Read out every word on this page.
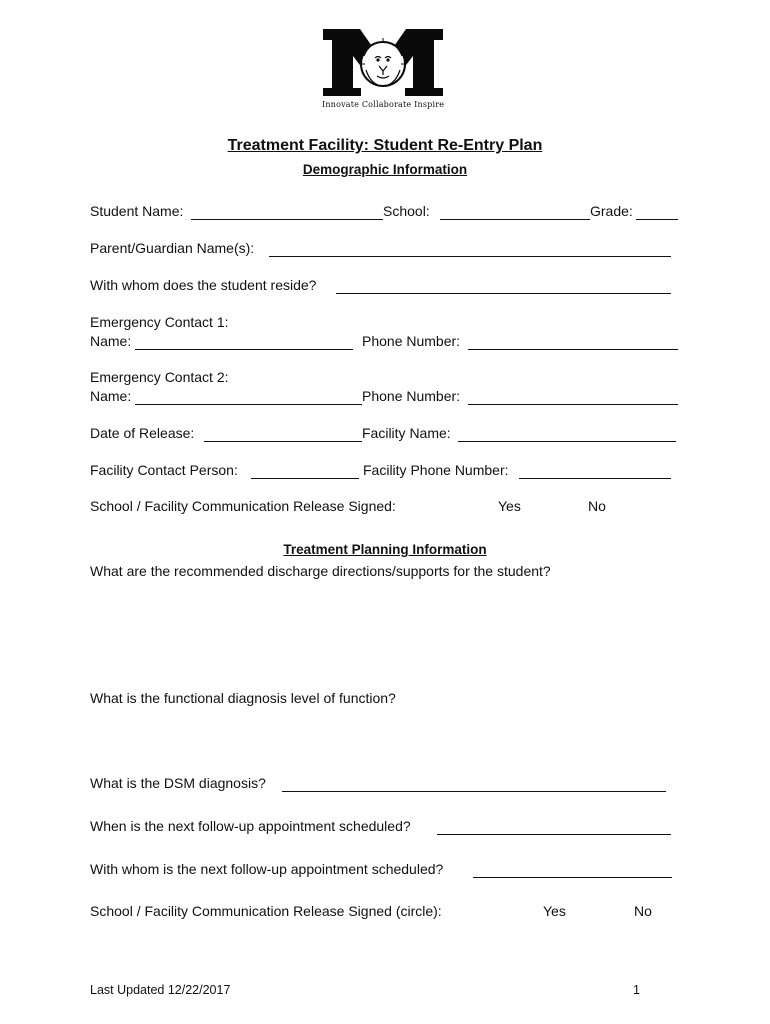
Innovate Collaborate Inspire
Treatment Facility: Student Re-Entry Plan
Demographic Information
Student Name:	School:	Grade:
Parent/Guardian Name(s):
With whom does the student reside?
Emergency Contact 1:
Name:	Phone Number:
Emergency Contact 2:
Name:	Phone Number:
Date of Release:	Facility Name:
Facility Contact Person:	Facility Phone Number:
School / Facility Communication Release Signed:	Yes	No
Treatment Planning Information
What are the recommended discharge directions/supports for the student?
What is the functional diagnosis level of function?
What is the DSM diagnosis?
When is the next follow-up appointment scheduled?
With whom is the next follow-up appointment scheduled?
School / Facility Communication Release Signed (circle):	Yes	No
Last Updated 12/22/2017	1
